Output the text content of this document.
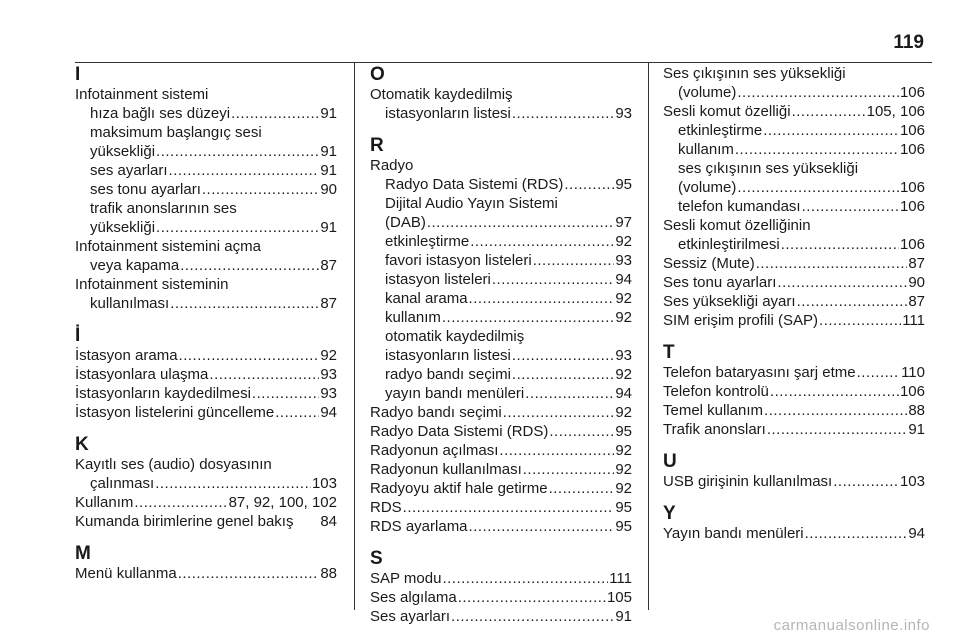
119
I
Infotainment sistemi
hıza bağlı ses düzeyi .....	91
maksimum başlangıç sesi
yüksekliği .....	91
ses ayarları .....	91
ses tonu ayarları .....	90
trafik anonslarının ses
yüksekliği .....	91
Infotainment sistemini açma
veya kapama .....	87
Infotainment sisteminin
kullanılması .....	87
İ
İstasyon arama .....	92
İstasyonlara ulaşma .....	93
İstasyonların kaydedilmesi .....	93
İstasyon listelerini güncelleme .....	94
K
Kayıtlı ses (audio) dosyasının
çalınması .....	103
Kullanım .....	87, 92, 100, 102
Kumanda birimlerine genel bakış 84
M
Menü kullanma .....	88
O
Otomatik kaydedilmiş
istasyonların listesi .....	93
R
Radyo
Radyo Data Sistemi (RDS) .....	95
Dijital Audio Yayın Sistemi
(DAB) .....	97
etkinleştirme .....	92
favori istasyon listeleri .....	93
istasyon listeleri .....	94
kanal arama .....	92
kullanım .....	92
otomatik kaydedilmiş
istasyonların listesi .....	93
radyo bandı seçimi .....	92
yayın bandı menüleri .....	94
Radyo bandı seçimi .....	92
Radyo Data Sistemi (RDS) .....	95
Radyonun açılması .....	92
Radyonun kullanılması .....	92
Radyoyu aktif hale getirme .....	92
RDS .....	95
RDS ayarlama .....	95
S
SAP modu .....	111
Ses algılama .....	105
Ses ayarları .....	91
Ses çıkışının ses yüksekliği
(volume) .....	106
Sesli komut özelliği .....	105, 106
etkinleştirme .....	106
kullanım .....	106
ses çıkışının ses yüksekliği
(volume) .....	106
telefon kumandası .....	106
Sesli komut özelliğinin
etkinleştirilmesi .....	106
Sessiz (Mute) .....	87
Ses tonu ayarları .....	90
Ses yüksekliği ayarı .....	87
SIM erişim profili (SAP) .....	111
T
Telefon bataryasını şarj etme .....	110
Telefon kontrolü .....	106
Temel kullanım .....	88
Trafik anonsları .....	91
U
USB girişinin kullanılması .....	103
Y
Yayın bandı menüleri .....	94
carmanualsonline.info
